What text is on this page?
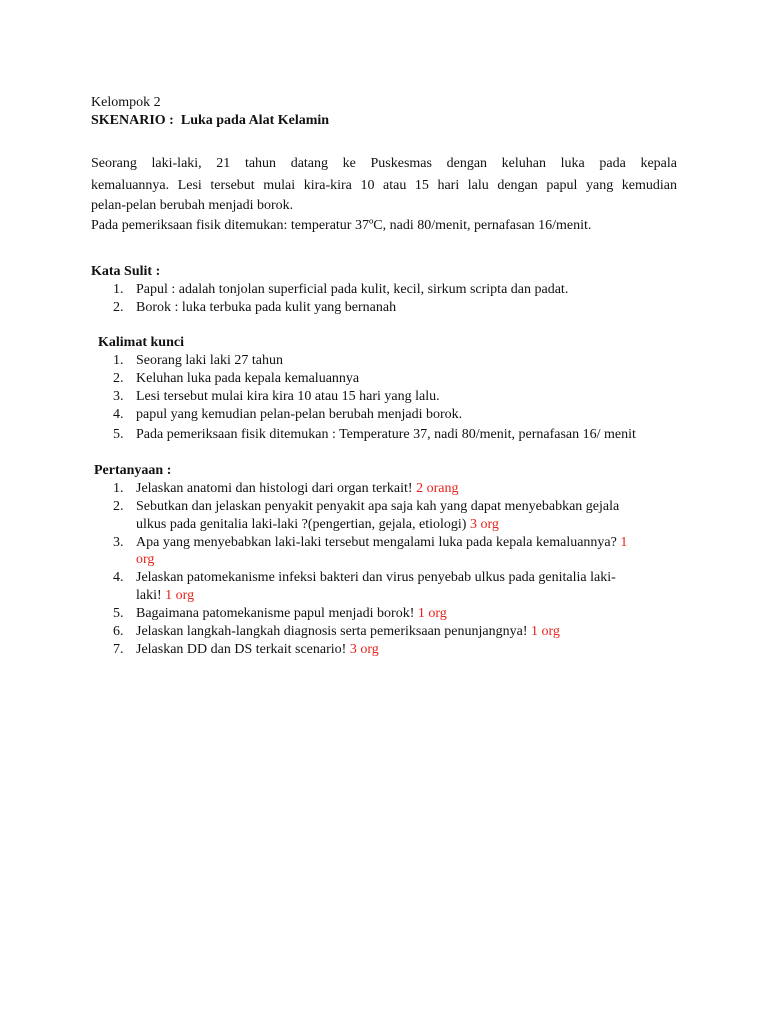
Kelompok 2
SKENARIO : Luka pada Alat Kelamin
Seorang laki-laki, 21 tahun datang ke Puskesmas dengan keluhan luka pada kepala
kemaluannya. Lesi tersebut mulai kira-kira 10 atau 15 hari lalu dengan papul yang kemudian
pelan-pelan berubah menjadi borok.
Pada pemeriksaan fisik ditemukan: temperatur 37ºC, nadi 80/menit, pernafasan 16/menit.
Kata Sulit :
1. Papul : adalah tonjolan superficial pada kulit, kecil, sirkum scripta dan padat.
2. Borok : luka terbuka pada kulit yang bernanah
Kalimat kunci
1. Seorang laki laki 27 tahun
2. Keluhan luka pada kepala kemaluannya
3. Lesi tersebut mulai kira kira 10 atau 15 hari yang lalu.
4. papul yang kemudian pelan-pelan berubah menjadi borok.
5. Pada pemeriksaan fisik ditemukan : Temperature 37, nadi 80/menit, pernafasan 16/ menit
Pertanyaan :
1. Jelaskan anatomi dan histologi dari organ terkait! 2 orang
2. Sebutkan dan jelaskan penyakit penyakit apa saja kah yang dapat menyebabkan gejala
ulkus pada genitalia laki-laki ?(pengertian, gejala, etiologi) 3 org
3. Apa yang menyebabkan laki-laki tersebut mengalami luka pada kepala kemaluannya? 1
org
4. Jelaskan patomekanisme infeksi bakteri dan virus penyebab ulkus pada genitalia laki-
laki! 1 org
5. Bagaimana patomekanisme papul menjadi borok! 1 org
6. Jelaskan langkah-langkah diagnosis serta pemeriksaan penunjangnya! 1 org
7. Jelaskan DD dan DS terkait scenario! 3 org
